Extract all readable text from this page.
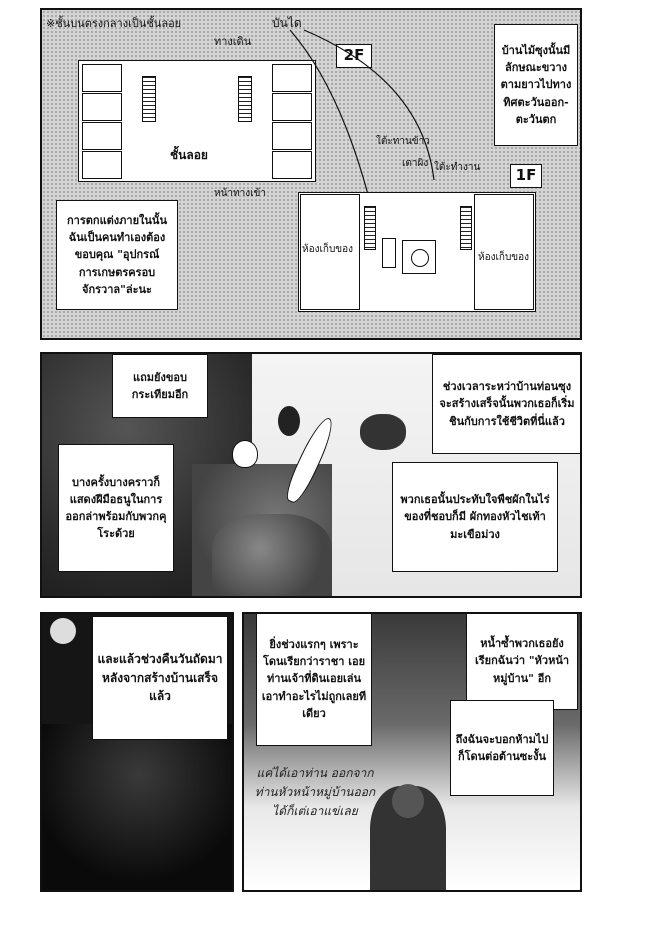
※ชั้นบนตรงกลางเป็นชั้นลอย
ชั้นลอย
ทางเดิน
บันได
หน้าทางเข้า
2F	บ้านไม้ซุงนั้นมีลักษณะขวางตามยาวไปทางทิศตะวันออก-ตะวันตก
การตกแต่งภายในนั้นฉันเป็นคนทำเองต้องขอบคุณ "อุปกรณ์การเกษตรครอบจักรวาล"ล่ะนะ
ห้องเก็บของ
ห้องเก็บของ
ใต้ะทานข้าว
เตาผิง ใต้ะทำงาน	1F
แถมยังขอบกระเทียมอีก
บางครั้งบางคราวก็แสดงฝีมือธนูในการออกล่าพร้อมกับพวกคุโระด้วย
ช่วงเวลาระหว่าบ้านท่อนซุงจะสร้างเสร็จนั้นพวกเธอก็เริ่มชินกับการใช้ชีวิตที่นี่แล้ว
พวกเธอนั้นประทับใจพืชผักในไร่ของที่ชอบก็มี ผักทองหัวไชเท้า มะเขือม่วง
และแล้วช่วงคืนวันถัดมาหลังจากสร้างบ้านเสร็จแล้ว
ยิ่งช่วงแรกๆ เพราะโดนเรียกว่าราชา เอยท่านเจ้าที่ดินเอยเล่นเอาทำอะไรไม่ถูกเลยทีเดียว
หน้ำซ้ำพวกเธอยังเรียกฉันว่า "หัวหน้าหมู่บ้าน" อีก
ถึงฉันจะบอกห้ามไปก็โดนต่อต้านซะงั้น
แค่ได้เอาท่าน ออกจากท่านหัวหน้าหมู่บ้านออกได้ก็เต่เอาแข่เลย
